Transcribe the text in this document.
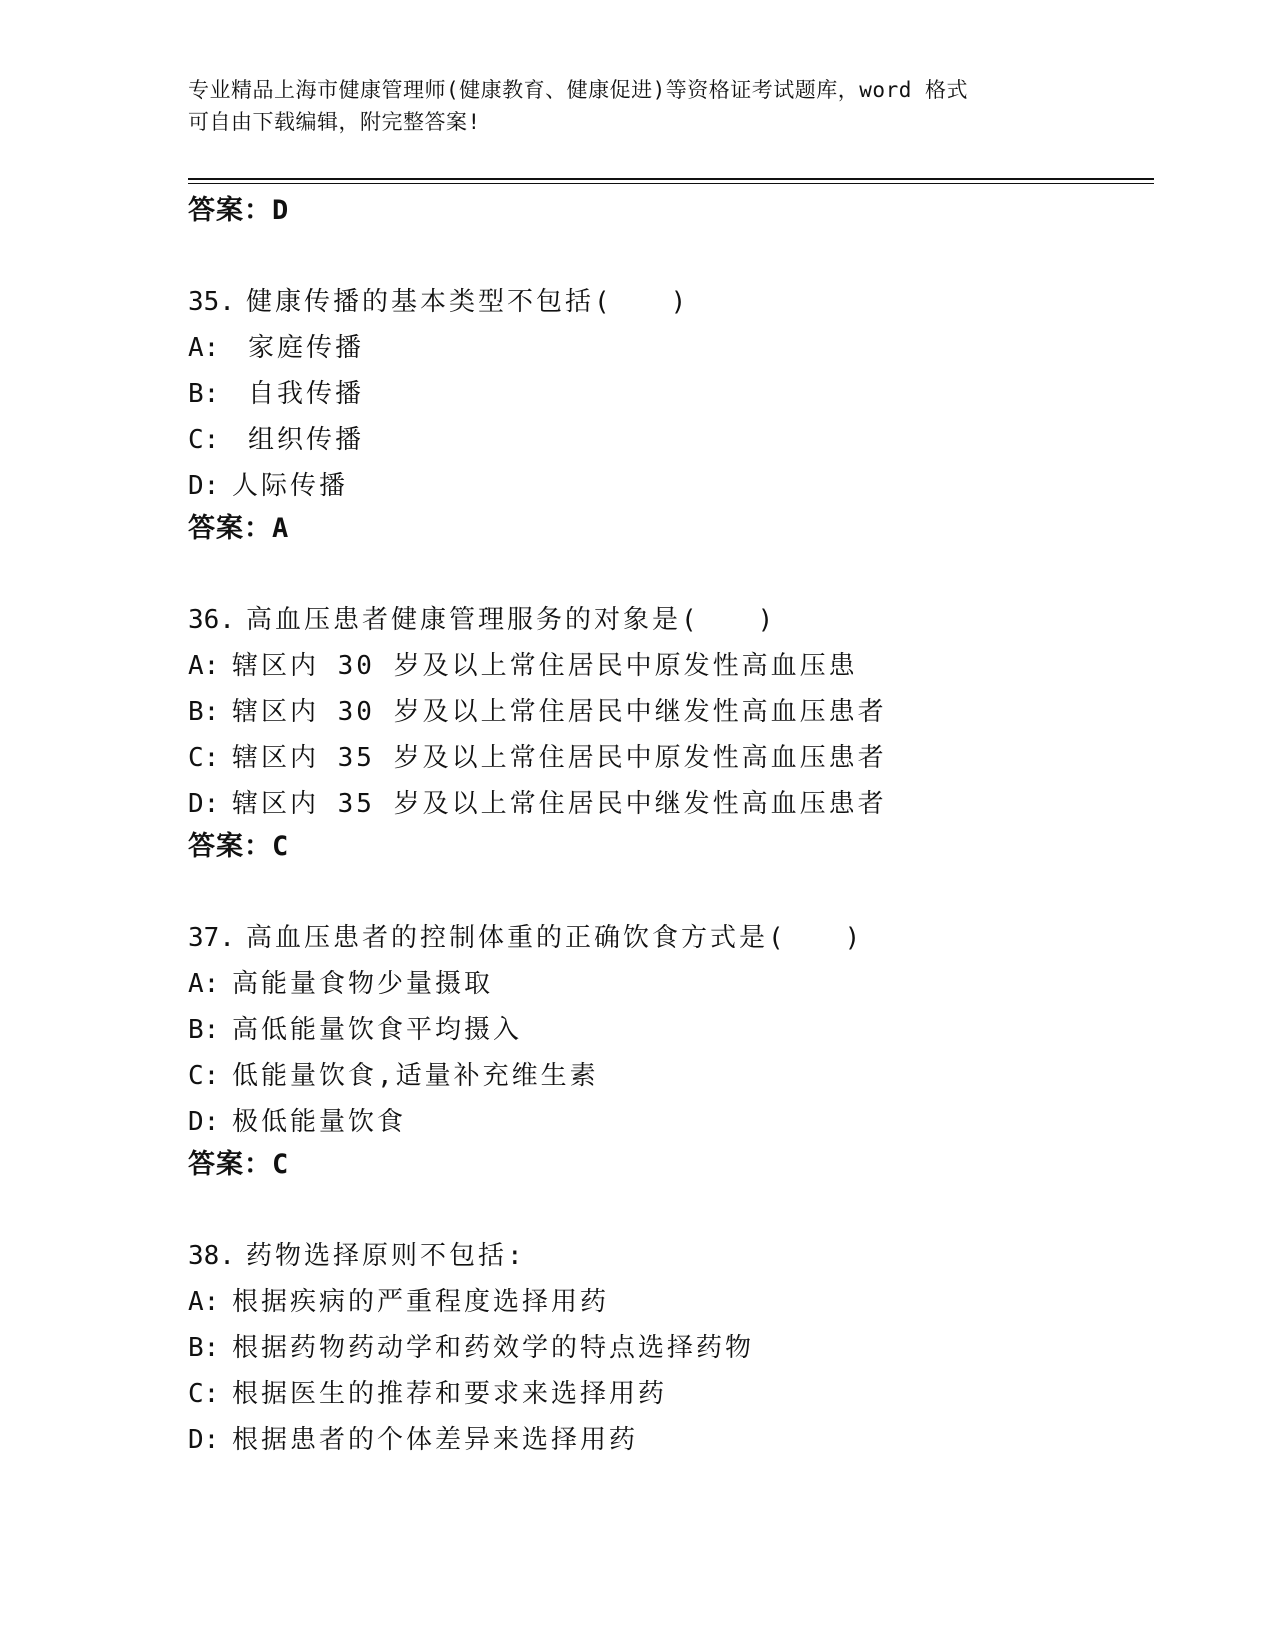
专业精品上海市健康管理师(健康教育、健康促进)等资格证考试题库，word 格式
可自由下载编辑，附完整答案!
答案：D
35. 健康传播的基本类型不包括(　　)
A: 家庭传播
B: 自我传播
C: 组织传播
D: 人际传播
答案：A
36. 高血压患者健康管理服务的对象是(　　)
A: 辖区内 30 岁及以上常住居民中原发性高血压患
B: 辖区内 30 岁及以上常住居民中继发性高血压患者
C: 辖区内 35 岁及以上常住居民中原发性高血压患者
D: 辖区内 35 岁及以上常住居民中继发性高血压患者
答案：C
37. 高血压患者的控制体重的正确饮食方式是(　　)
A: 高能量食物少量摄取
B: 高低能量饮食平均摄入
C: 低能量饮食,适量补充维生素
D: 极低能量饮食
答案：C
38. 药物选择原则不包括:
A: 根据疾病的严重程度选择用药
B: 根据药物药动学和药效学的特点选择药物
C: 根据医生的推荐和要求来选择用药
D: 根据患者的个体差异来选择用药
